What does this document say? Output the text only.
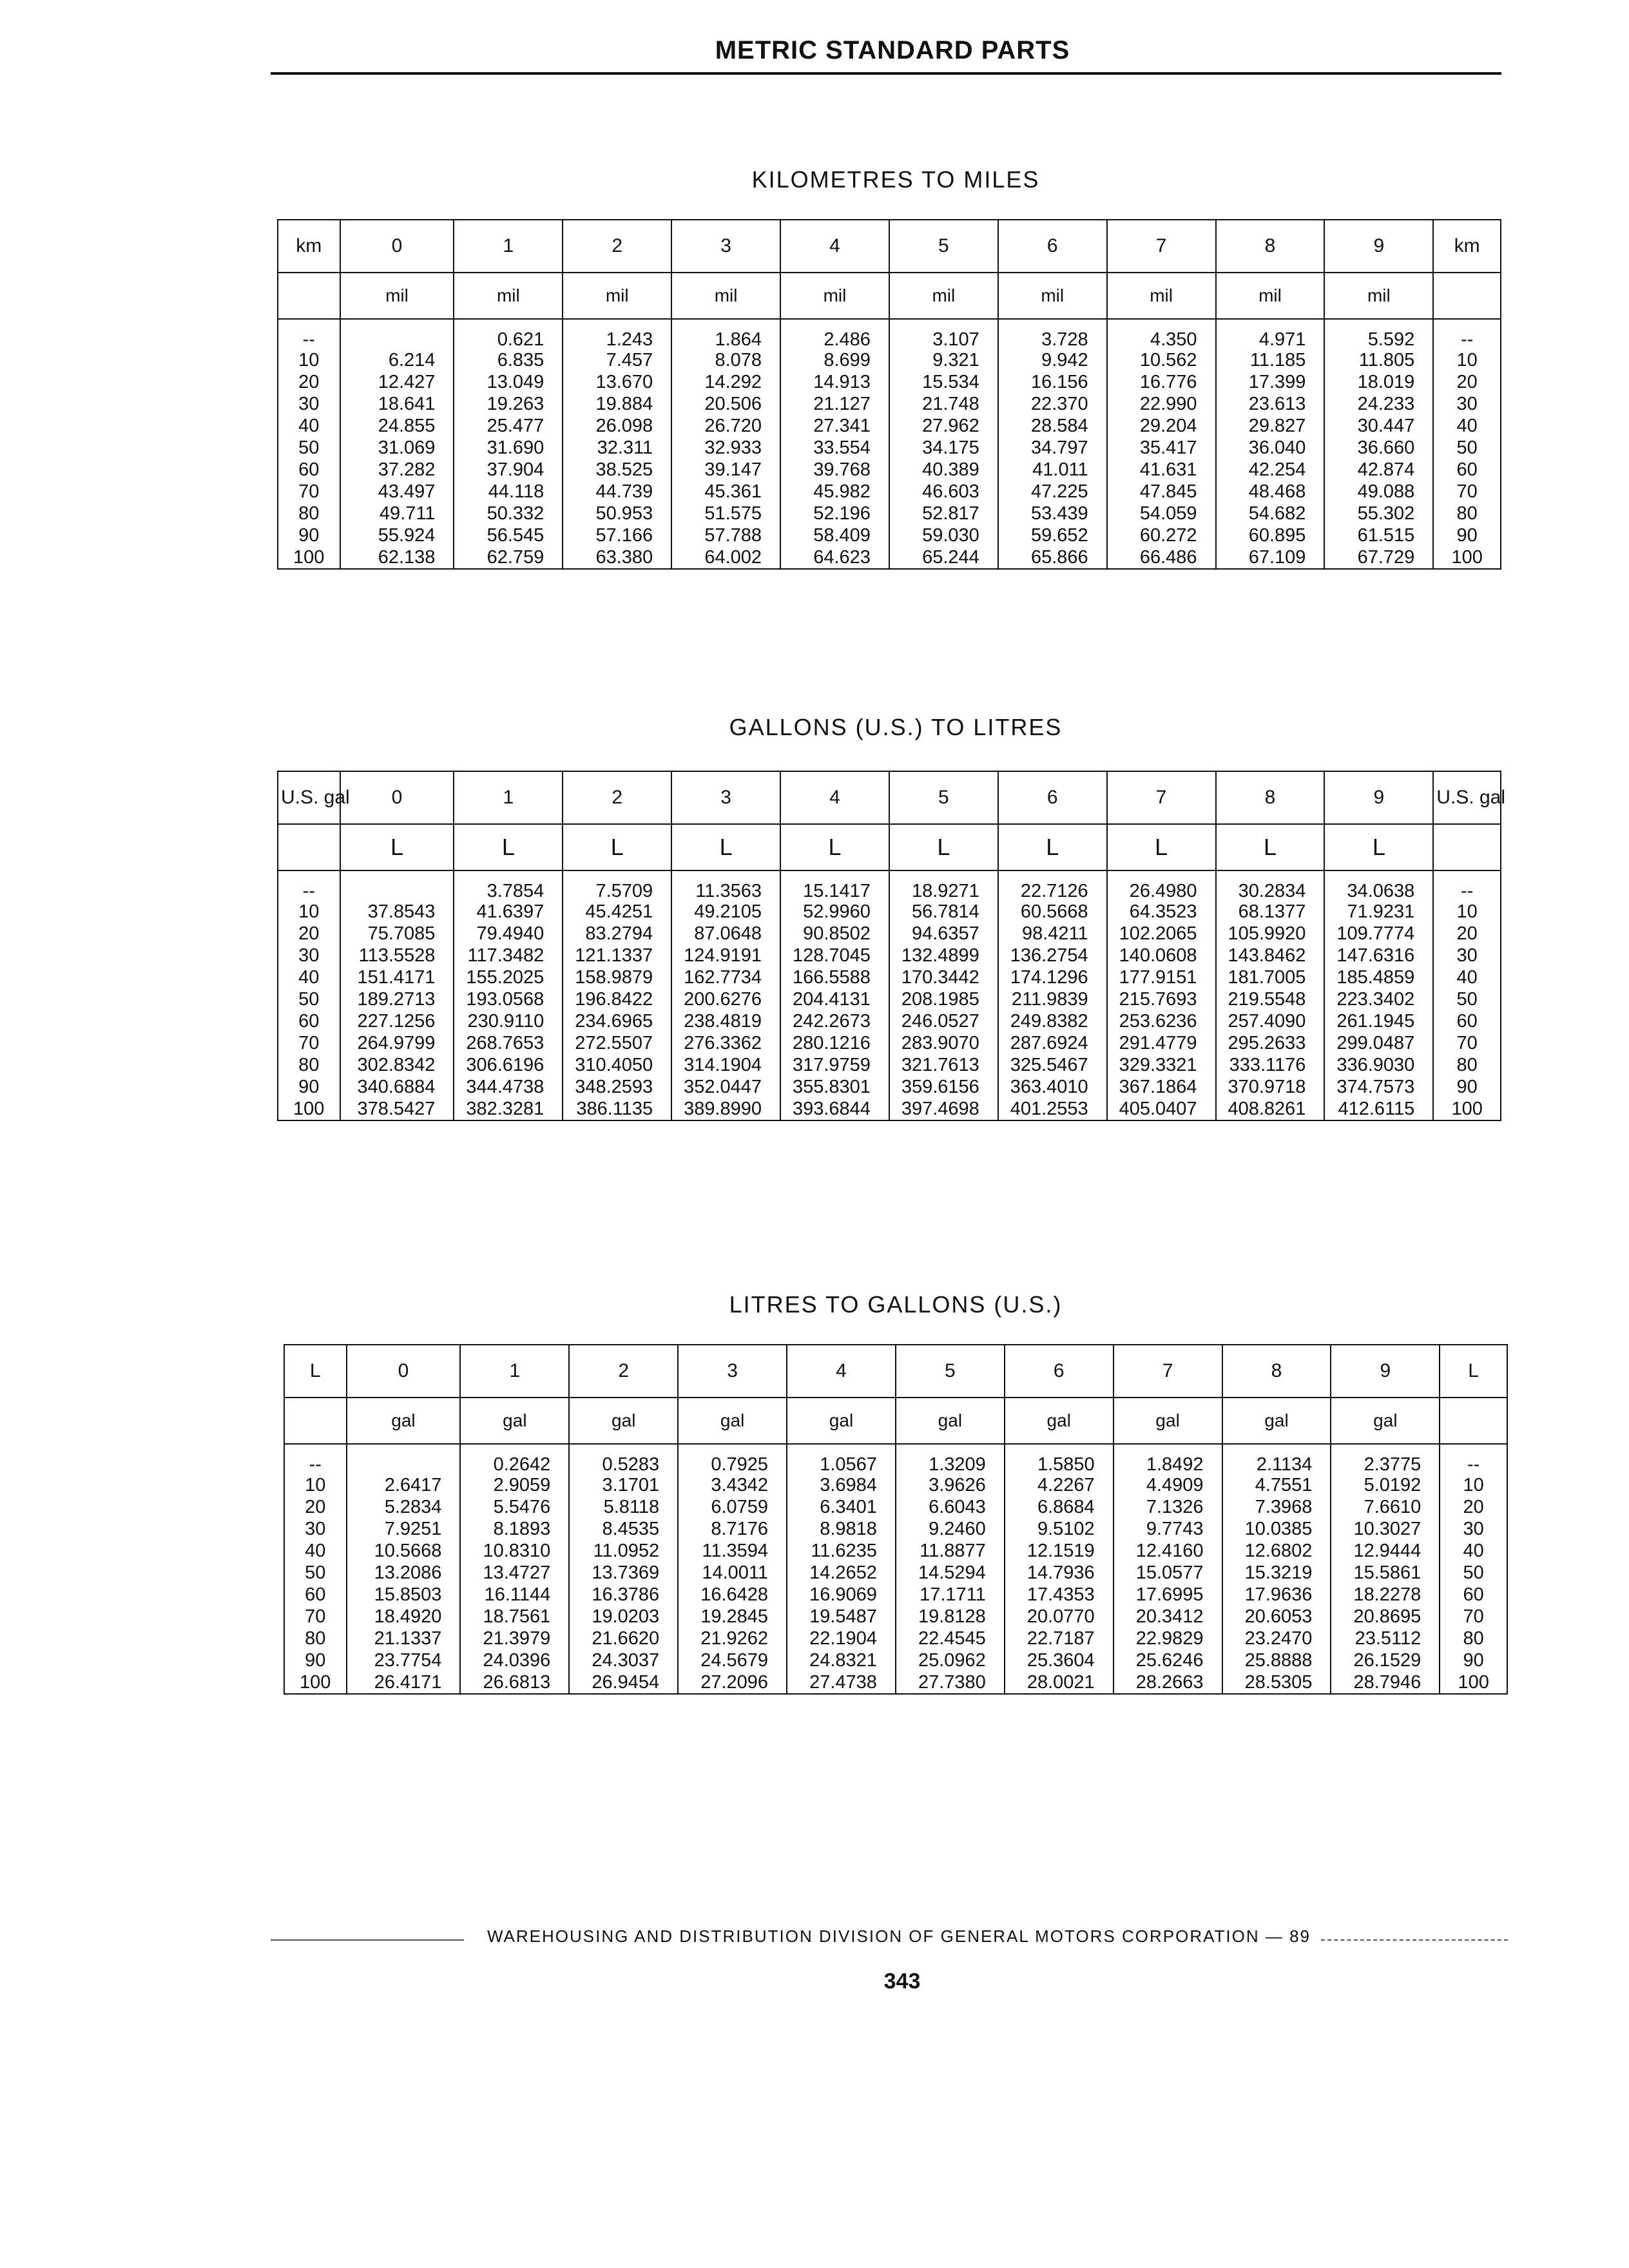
METRIC STANDARD PARTS
KILOMETRES TO MILES
km	0	1	2	3	4	5	6	7	8	9	km
	mil	mil	mil	mil	mil	mil	mil	mil	mil	mil	
--		0.621	1.243	1.864	2.486	3.107	3.728	4.350	4.971	5.592	--
10	6.214	6.835	7.457	8.078	8.699	9.321	9.942	10.562	11.185	11.805	10
20	12.427	13.049	13.670	14.292	14.913	15.534	16.156	16.776	17.399	18.019	20
30	18.641	19.263	19.884	20.506	21.127	21.748	22.370	22.990	23.613	24.233	30
40	24.855	25.477	26.098	26.720	27.341	27.962	28.584	29.204	29.827	30.447	40
50	31.069	31.690	32.311	32.933	33.554	34.175	34.797	35.417	36.040	36.660	50
60	37.282	37.904	38.525	39.147	39.768	40.389	41.011	41.631	42.254	42.874	60
70	43.497	44.118	44.739	45.361	45.982	46.603	47.225	47.845	48.468	49.088	70
80	49.711	50.332	50.953	51.575	52.196	52.817	53.439	54.059	54.682	55.302	80
90	55.924	56.545	57.166	57.788	58.409	59.030	59.652	60.272	60.895	61.515	90
100	62.138	62.759	63.380	64.002	64.623	65.244	65.866	66.486	67.109	67.729	100
GALLONS (U.S.) TO LITRES
U.S. gal	0	1	2	3	4	5	6	7	8	9	U.S. gal
	L	L	L	L	L	L	L	L	L	L	
--		3.7854	7.5709	11.3563	15.1417	18.9271	22.7126	26.4980	30.2834	34.0638	--
10	37.8543	41.6397	45.4251	49.2105	52.9960	56.7814	60.5668	64.3523	68.1377	71.9231	10
20	75.7085	79.4940	83.2794	87.0648	90.8502	94.6357	98.4211	102.2065	105.9920	109.7774	20
30	113.5528	117.3482	121.1337	124.9191	128.7045	132.4899	136.2754	140.0608	143.8462	147.6316	30
40	151.4171	155.2025	158.9879	162.7734	166.5588	170.3442	174.1296	177.9151	181.7005	185.4859	40
50	189.2713	193.0568	196.8422	200.6276	204.4131	208.1985	211.9839	215.7693	219.5548	223.3402	50
60	227.1256	230.9110	234.6965	238.4819	242.2673	246.0527	249.8382	253.6236	257.4090	261.1945	60
70	264.9799	268.7653	272.5507	276.3362	280.1216	283.9070	287.6924	291.4779	295.2633	299.0487	70
80	302.8342	306.6196	310.4050	314.1904	317.9759	321.7613	325.5467	329.3321	333.1176	336.9030	80
90	340.6884	344.4738	348.2593	352.0447	355.8301	359.6156	363.4010	367.1864	370.9718	374.7573	90
100	378.5427	382.3281	386.1135	389.8990	393.6844	397.4698	401.2553	405.0407	408.8261	412.6115	100
LITRES TO GALLONS (U.S.)
L	0	1	2	3	4	5	6	7	8	9	L
	gal	gal	gal	gal	gal	gal	gal	gal	gal	gal	
--		0.2642	0.5283	0.7925	1.0567	1.3209	1.5850	1.8492	2.1134	2.3775	--
10	2.6417	2.9059	3.1701	3.4342	3.6984	3.9626	4.2267	4.4909	4.7551	5.0192	10
20	5.2834	5.5476	5.8118	6.0759	6.3401	6.6043	6.8684	7.1326	7.3968	7.6610	20
30	7.9251	8.1893	8.4535	8.7176	8.9818	9.2460	9.5102	9.7743	10.0385	10.3027	30
40	10.5668	10.8310	11.0952	11.3594	11.6235	11.8877	12.1519	12.4160	12.6802	12.9444	40
50	13.2086	13.4727	13.7369	14.0011	14.2652	14.5294	14.7936	15.0577	15.3219	15.5861	50
60	15.8503	16.1144	16.3786	16.6428	16.9069	17.1711	17.4353	17.6995	17.9636	18.2278	60
70	18.4920	18.7561	19.0203	19.2845	19.5487	19.8128	20.0770	20.3412	20.6053	20.8695	70
80	21.1337	21.3979	21.6620	21.9262	22.1904	22.4545	22.7187	22.9829	23.2470	23.5112	80
90	23.7754	24.0396	24.3037	24.5679	24.8321	25.0962	25.3604	25.6246	25.8888	26.1529	90
100	26.4171	26.6813	26.9454	27.2096	27.4738	27.7380	28.0021	28.2663	28.5305	28.7946	100
WAREHOUSING AND DISTRIBUTION DIVISION OF GENERAL MOTORS CORPORATION — 89
343
